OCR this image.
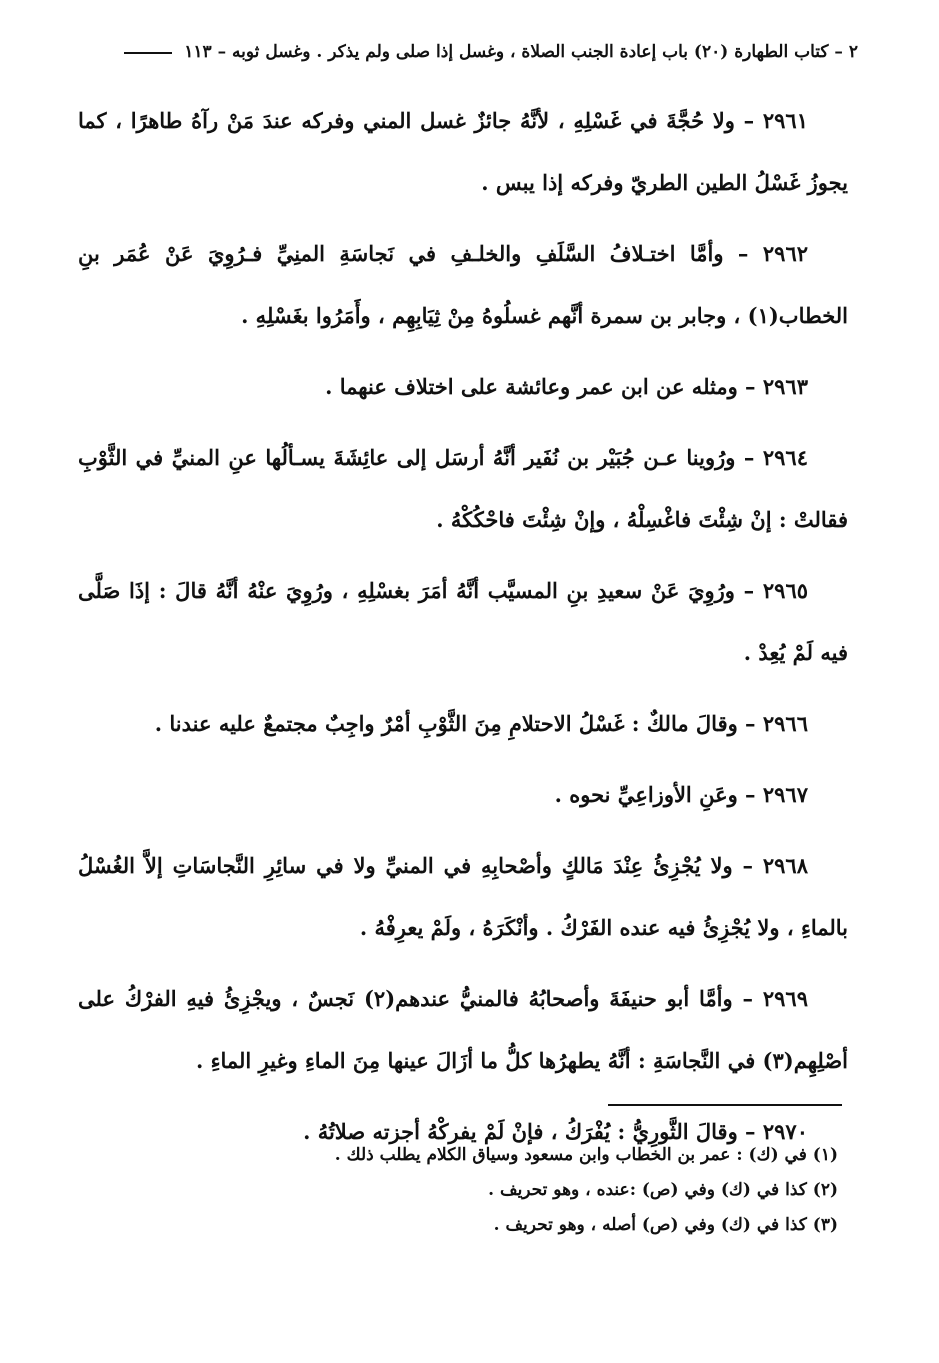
٢ – كتاب الطهارة (٢٠) باب إعادة الجنب الصلاة ، وغسل إذا صلى ولم يذكر . وغسل ثوبه – ١١٣

٢٩٦١ – ولا حُجَّةَ في غَسْلِهِ ، لأنَّهُ جائزٌ غسل المني وفركه عندَ مَنْ رآهُ طاهرًا ، كما يجوزُ غَسْلُ الطين الطريّ وفركه إذا يبس .

٢٩٦٢ – وأمَّا اختـلافُ السَّلَفِ والخلـفِ في نَجاسَةِ المنِيِّ فـرُوِيَ عَنْ عُمَر بنِ الخطاب(١) ، وجابر بن سمرة أنَّهم غسلُوهُ مِنْ ثِيَابِهِم ، وأَمَرُوا بغَسْلِهِ .

٢٩٦٣ – ومثله عن ابن عمر وعائشة على اختلاف عنهما .

٢٩٦٤ – ورُوينا عـن جُبَيْر بن نُفَير أنَّهُ أرسَل إلى عائِشَةَ يسـألُها عنِ المنيِّ في الثَّوْبِ فقالتْ : إنْ شِئْتَ فاغْسِلْهُ ، وإنْ شِئْتَ فاحْكُكْهُ .

٢٩٦٥ – ورُوِيَ عَنْ سعيدِ بنِ المسيَّب أنَّهُ أمَرَ بغسْلِهِ ، ورُوِيَ عنْهُ أنَّهُ قالَ : إذَا صَلَّى فيه لَمْ يُعِدْ .

٢٩٦٦ – وقالَ مالكٌ : غَسْلُ الاحتلامِ مِنَ الثَّوْبِ أمْرٌ واجِبٌ مجتمعٌ عليه عندنا .

٢٩٦٧ – وعَنِ الأوزاعِيِّ نحوه .

٢٩٦٨ – ولا يُجْزِئُ عِنْدَ مَالكٍ وأصْحابِهِ في المنيِّ ولا في سائِرِ النَّجاسَاتِ إلاَّ الغُسْلُ بالماءِ ، ولا يُجْزِئُ فيه عنده الفَرْكُ . وأنْكَرَهُ ، ولَمْ يعرِفْهُ .

٢٩٦٩ – وأمَّا أبو حنيفَةَ وأصحابُهُ فالمنيُّ عندهم(٢) نَجسٌ ، ويجْزِئُ فيهِ الفرْكُ على أصْلِهِم(٣) في النَّجاسَةِ : أنَّهُ يطهرُها كلُّ ما أزَالَ عينها مِنَ الماءِ وغيرِ الماءِ .

٢٩٧٠ – وقالَ الثَّورِيُّ : يُفْرَكُ ، فإنْ لَمْ يفركْهُ أجزته صلاتُهُ .

(١) في (ك) : عمر بن الخطاب وابن مسعود وسياق الكلام يطلب ذلك .

(٢) كذا في (ك) وفي (ص) :عنده ، وهو تحريف .

(٣) كذا في (ك) وفي (ص) أصله ، وهو تحريف .
